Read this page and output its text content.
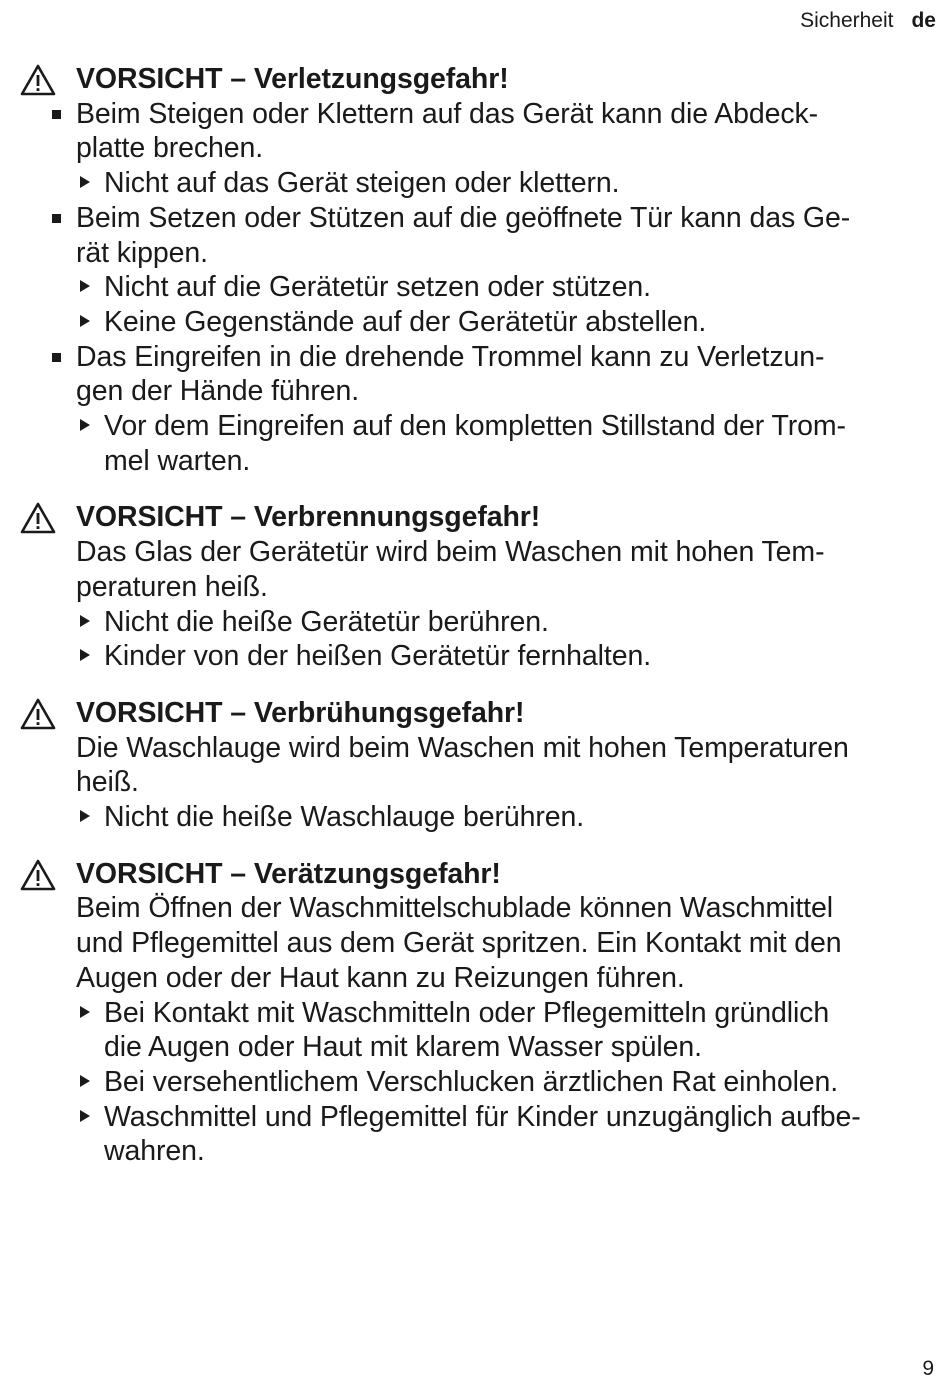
Sicherheit de
VORSICHT – Verletzungsgefahr!
Beim Steigen oder Klettern auf das Gerät kann die Abdeck-
platte brechen.
Nicht auf das Gerät steigen oder klettern.
Beim Setzen oder Stützen auf die geöffnete Tür kann das Ge-
rät kippen.
Nicht auf die Gerätetür setzen oder stützen.
Keine Gegenstände auf der Gerätetür abstellen.
Das Eingreifen in die drehende Trommel kann zu Verletzun-
gen der Hände führen.
Vor dem Eingreifen auf den kompletten Stillstand der Trom-
mel warten.
VORSICHT – Verbrennungsgefahr!
Das Glas der Gerätetür wird beim Waschen mit hohen Tem-
peraturen heiß.
Nicht die heiße Gerätetür berühren.
Kinder von der heißen Gerätetür fernhalten.
VORSICHT – Verbrühungsgefahr!
Die Waschlauge wird beim Waschen mit hohen Temperaturen
heiß.
Nicht die heiße Waschlauge berühren.
VORSICHT – Verätzungsgefahr!
Beim Öffnen der Waschmittelschublade können Waschmittel
und Pflegemittel aus dem Gerät spritzen. Ein Kontakt mit den
Augen oder der Haut kann zu Reizungen führen.
Bei Kontakt mit Waschmitteln oder Pflegemitteln gründlich
die Augen oder Haut mit klarem Wasser spülen.
Bei versehentlichem Verschlucken ärztlichen Rat einholen.
Waschmittel und Pflegemittel für Kinder unzugänglich aufbe-
wahren.
9
